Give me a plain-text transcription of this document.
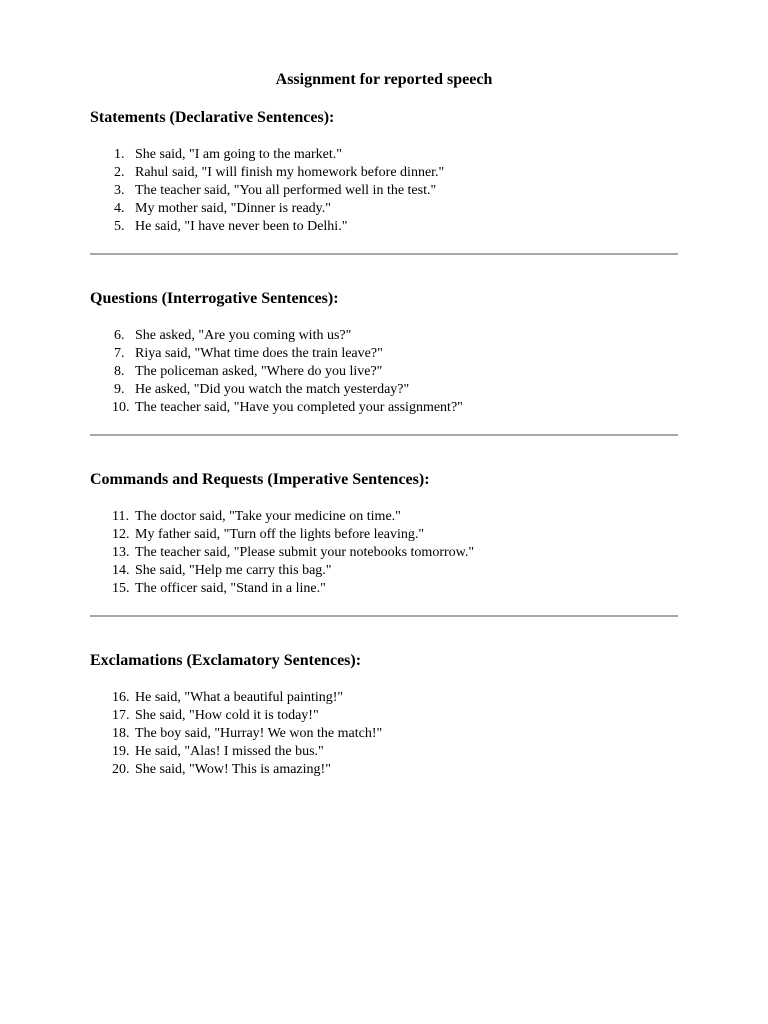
Assignment for reported speech
Statements (Declarative Sentences):
1. She said, "I am going to the market."
2. Rahul said, "I will finish my homework before dinner."
3. The teacher said, "You all performed well in the test."
4. My mother said, "Dinner is ready."
5. He said, "I have never been to Delhi."
Questions (Interrogative Sentences):
6. She asked, "Are you coming with us?"
7. Riya said, "What time does the train leave?"
8. The policeman asked, "Where do you live?"
9. He asked, "Did you watch the match yesterday?"
10. The teacher said, "Have you completed your assignment?"
Commands and Requests (Imperative Sentences):
11. The doctor said, "Take your medicine on time."
12. My father said, "Turn off the lights before leaving."
13. The teacher said, "Please submit your notebooks tomorrow."
14. She said, "Help me carry this bag."
15. The officer said, "Stand in a line."
Exclamations (Exclamatory Sentences):
16. He said, "What a beautiful painting!"
17. She said, "How cold it is today!"
18. The boy said, "Hurray! We won the match!"
19. He said, "Alas! I missed the bus."
20. She said, "Wow! This is amazing!"
